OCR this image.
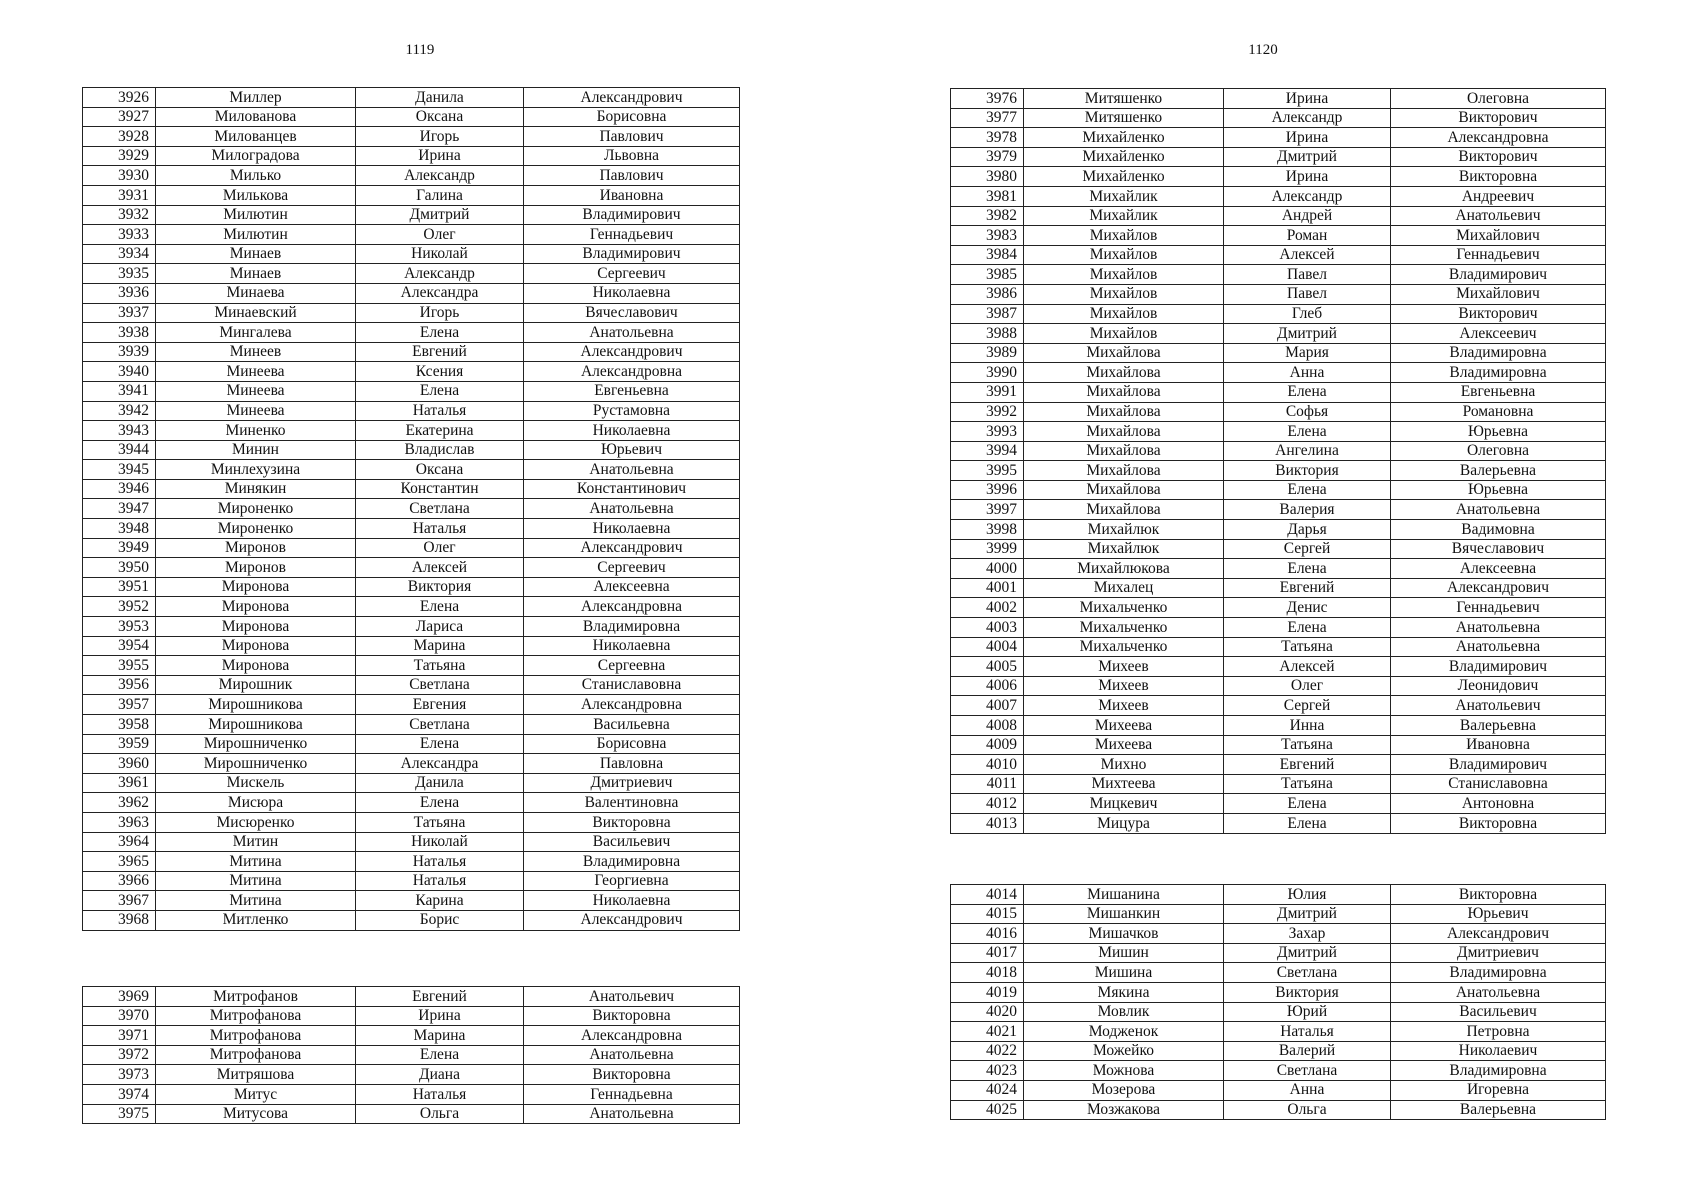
1119	1120
3926	Миллер	Данила	Александрович
3927	Милованова	Оксана	Борисовна
3928	Милованцев	Игорь	Павлович
3929	Милоградова	Ирина	Львовна
3930	Милько	Александр	Павлович
3931	Милькова	Галина	Ивановна
3932	Милютин	Дмитрий	Владимирович
3933	Милютин	Олег	Геннадьевич
3934	Минаев	Николай	Владимирович
3935	Минаев	Александр	Сергеевич
3936	Минаева	Александра	Николаевна
3937	Минаевский	Игорь	Вячеславович
3938	Мингалева	Елена	Анатольевна
3939	Минеев	Евгений	Александрович
3940	Минеева	Ксения	Александровна
3941	Минеева	Елена	Евгеньевна
3942	Минеева	Наталья	Рустамовна
3943	Миненко	Екатерина	Николаевна
3944	Минин	Владислав	Юрьевич
3945	Минлехузина	Оксана	Анатольевна
3946	Минякин	Константин	Константинович
3947	Мироненко	Светлана	Анатольевна
3948	Мироненко	Наталья	Николаевна
3949	Миронов	Олег	Александрович
3950	Миронов	Алексей	Сергеевич
3951	Миронова	Виктория	Алексеевна
3952	Миронова	Елена	Александровна
3953	Миронова	Лариса	Владимировна
3954	Миронова	Марина	Николаевна
3955	Миронова	Татьяна	Сергеевна
3956	Мирошник	Светлана	Станиславовна
3957	Мирошникова	Евгения	Александровна
3958	Мирошникова	Светлана	Васильевна
3959	Мирошниченко	Елена	Борисовна
3960	Мирошниченко	Александра	Павловна
3961	Мискель	Данила	Дмитриевич
3962	Мисюра	Елена	Валентиновна
3963	Мисюренко	Татьяна	Викторовна
3964	Митин	Николай	Васильевич
3965	Митина	Наталья	Владимировна
3966	Митина	Наталья	Георгиевна
3967	Митина	Карина	Николаевна
3968	Митленко	Борис	Александрович
3969	Митрофанов	Евгений	Анатольевич
3970	Митрофанова	Ирина	Викторовна
3971	Митрофанова	Марина	Александровна
3972	Митрофанова	Елена	Анатольевна
3973	Митряшова	Диана	Викторовна
3974	Митус	Наталья	Геннадьевна
3975	Митусова	Ольга	Анатольевна
3976	Митяшенко	Ирина	Олеговна
3977	Митяшенко	Александр	Викторович
3978	Михайленко	Ирина	Александровна
3979	Михайленко	Дмитрий	Викторович
3980	Михайленко	Ирина	Викторовна
3981	Михайлик	Александр	Андреевич
3982	Михайлик	Андрей	Анатольевич
3983	Михайлов	Роман	Михайлович
3984	Михайлов	Алексей	Геннадьевич
3985	Михайлов	Павел	Владимирович
3986	Михайлов	Павел	Михайлович
3987	Михайлов	Глеб	Викторович
3988	Михайлов	Дмитрий	Алексеевич
3989	Михайлова	Мария	Владимировна
3990	Михайлова	Анна	Владимировна
3991	Михайлова	Елена	Евгеньевна
3992	Михайлова	Софья	Романовна
3993	Михайлова	Елена	Юрьевна
3994	Михайлова	Ангелина	Олеговна
3995	Михайлова	Виктория	Валерьевна
3996	Михайлова	Елена	Юрьевна
3997	Михайлова	Валерия	Анатольевна
3998	Михайлюк	Дарья	Вадимовна
3999	Михайлюк	Сергей	Вячеславович
4000	Михайлюкова	Елена	Алексеевна
4001	Михалец	Евгений	Александрович
4002	Михальченко	Денис	Геннадьевич
4003	Михальченко	Елена	Анатольевна
4004	Михальченко	Татьяна	Анатольевна
4005	Михеев	Алексей	Владимирович
4006	Михеев	Олег	Леонидович
4007	Михеев	Сергей	Анатольевич
4008	Михеева	Инна	Валерьевна
4009	Михеева	Татьяна	Ивановна
4010	Михно	Евгений	Владимирович
4011	Михтеева	Татьяна	Станиславовна
4012	Мицкевич	Елена	Антоновна
4013	Мицура	Елена	Викторовна
4014	Мишанина	Юлия	Викторовна
4015	Мишанкин	Дмитрий	Юрьевич
4016	Мишачков	Захар	Александрович
4017	Мишин	Дмитрий	Дмитриевич
4018	Мишина	Светлана	Владимировна
4019	Мякина	Виктория	Анатольевна
4020	Мовлик	Юрий	Васильевич
4021	Модженок	Наталья	Петровна
4022	Можейко	Валерий	Николаевич
4023	Можнова	Светлана	Владимировна
4024	Мозерова	Анна	Игоревна
4025	Мозжакова	Ольга	Валерьевна
